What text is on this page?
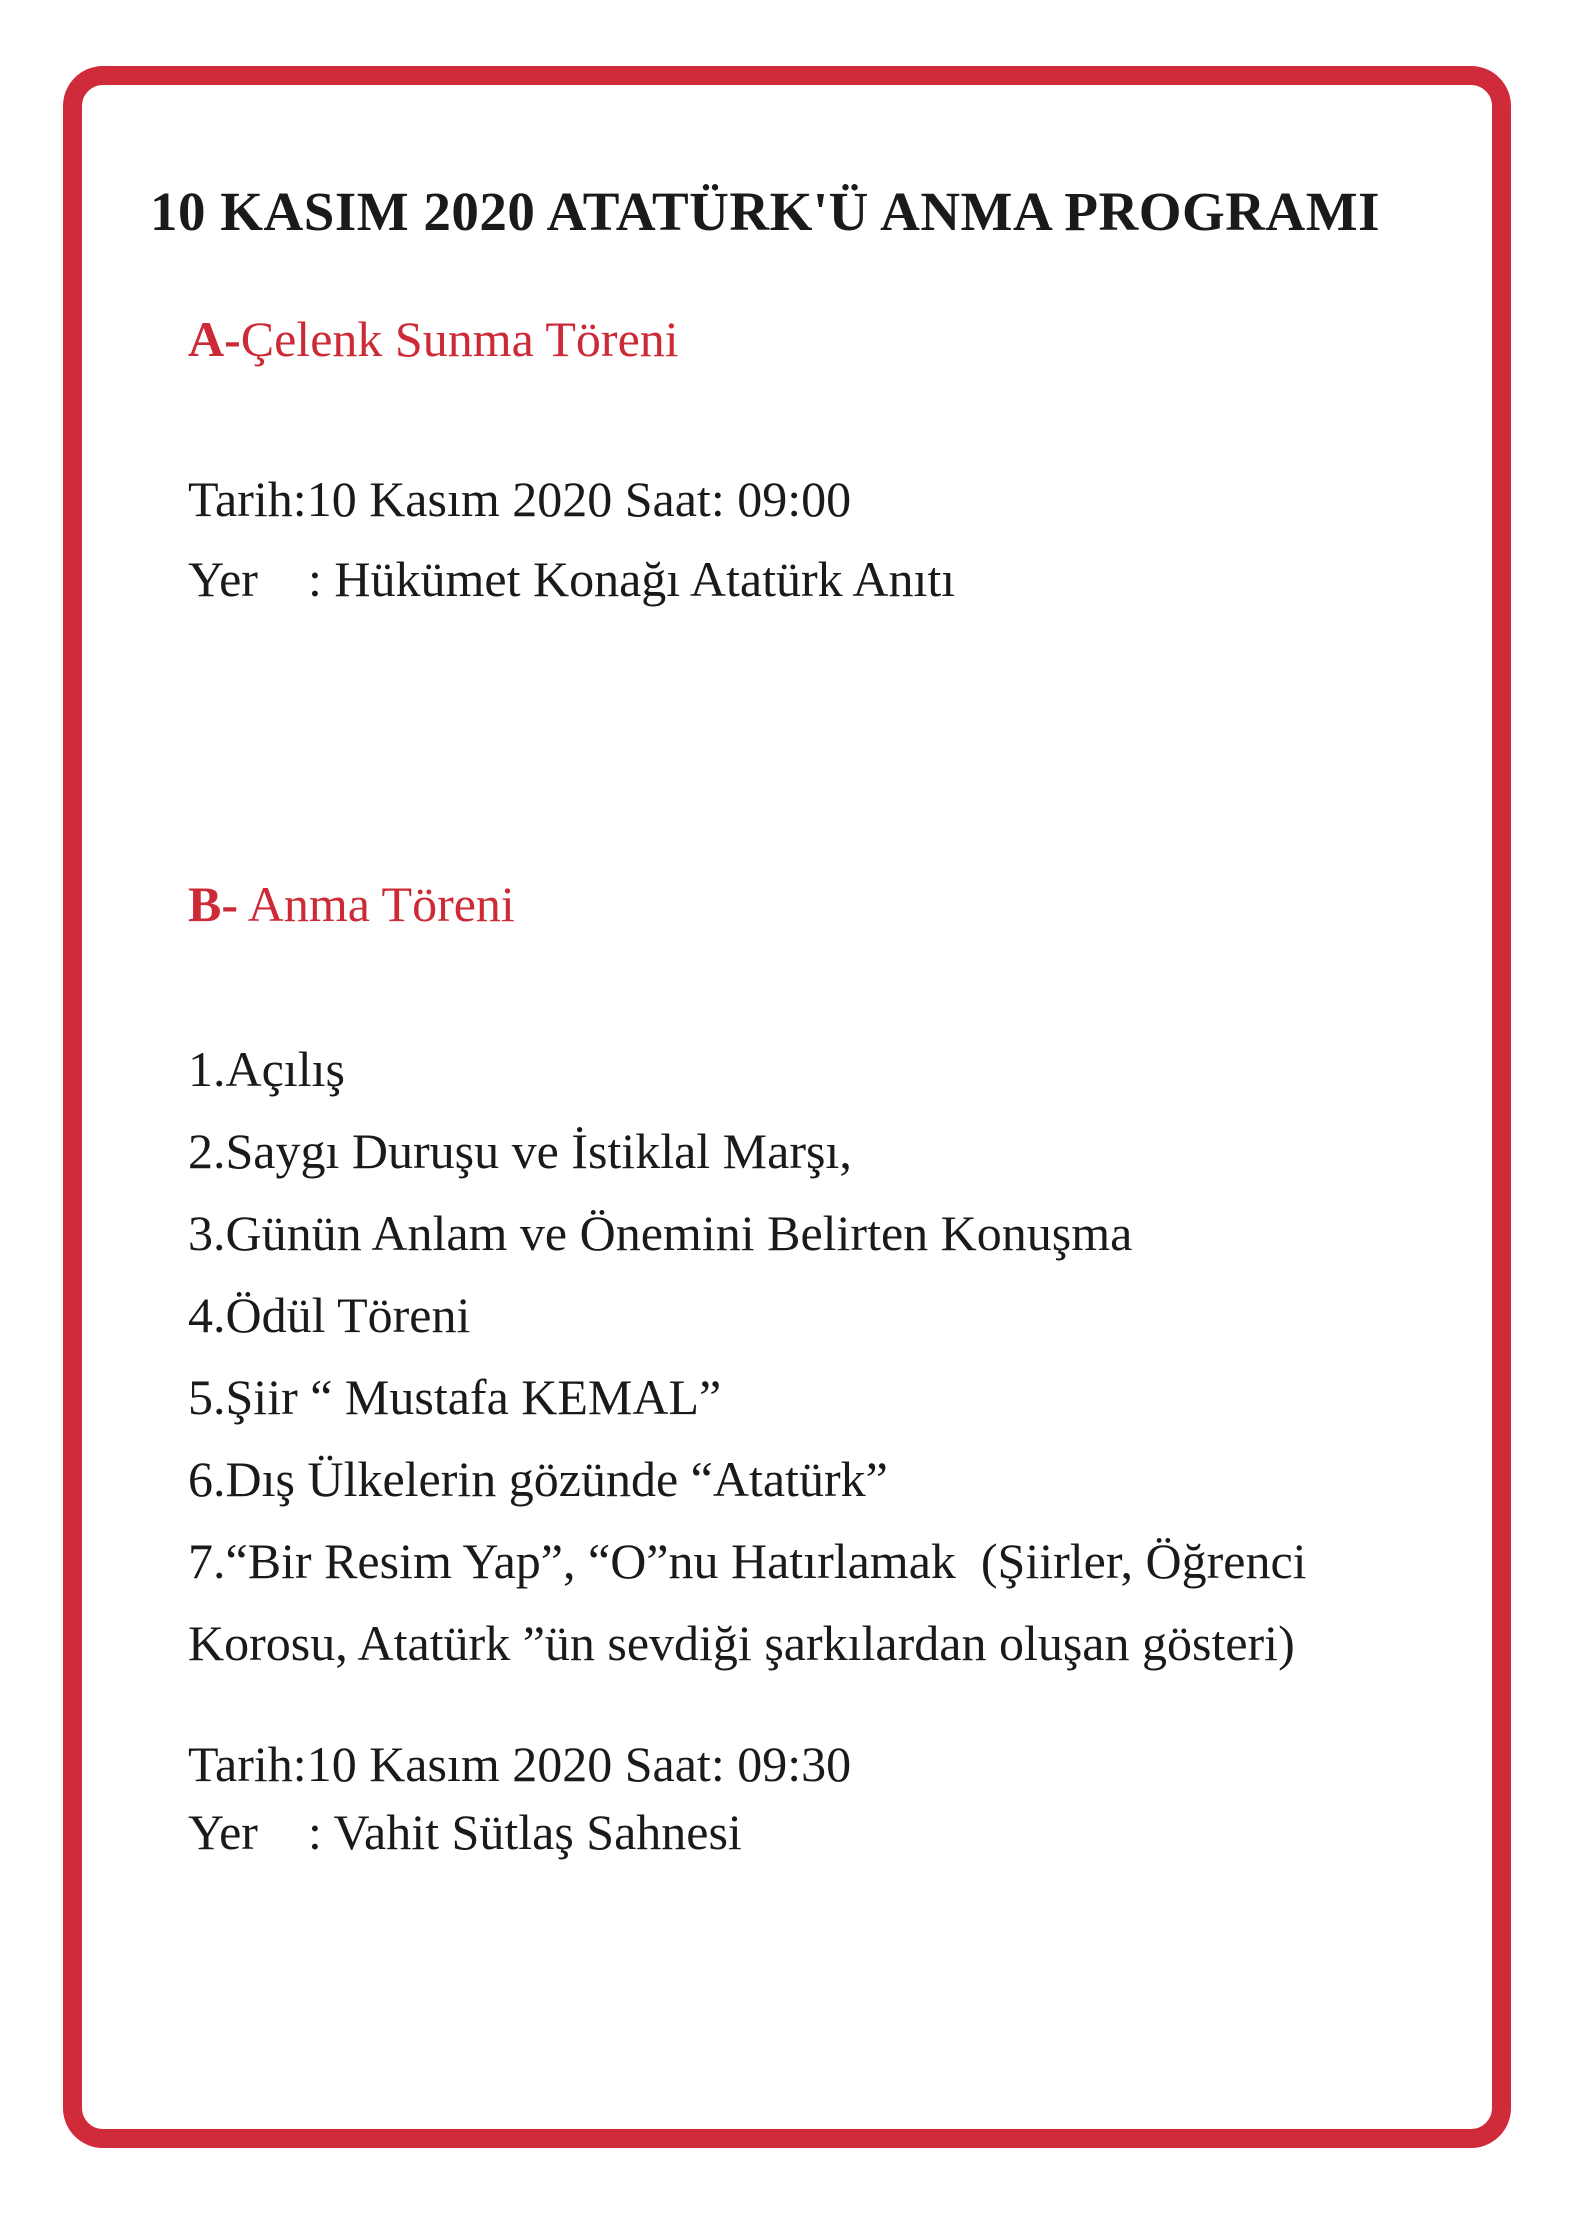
10 KASIM 2020 ATATÜRK'Ü ANMA PROGRAMI
A-Çelenk Sunma Töreni
Tarih:10 Kasım 2020 Saat: 09:00
Yer : Hükümet Konağı Atatürk Anıtı
B- Anma Töreni
1.Açılış
2.Saygı Duruşu ve İstiklal Marşı,
3.Günün Anlam ve Önemini Belirten Konuşma
4.Ödül Töreni
5.Şiir “ Mustafa KEMAL”
6.Dış Ülkelerin gözünde “Atatürk”
7.“Bir Resim Yap”, “O”nu Hatırlamak  (Şiirler, Öğrenci
Korosu, Atatürk ”ün sevdiği şarkılardan oluşan gösteri)
Tarih:10 Kasım 2020 Saat: 09:30
Yer : Vahit Sütlaş Sahnesi
